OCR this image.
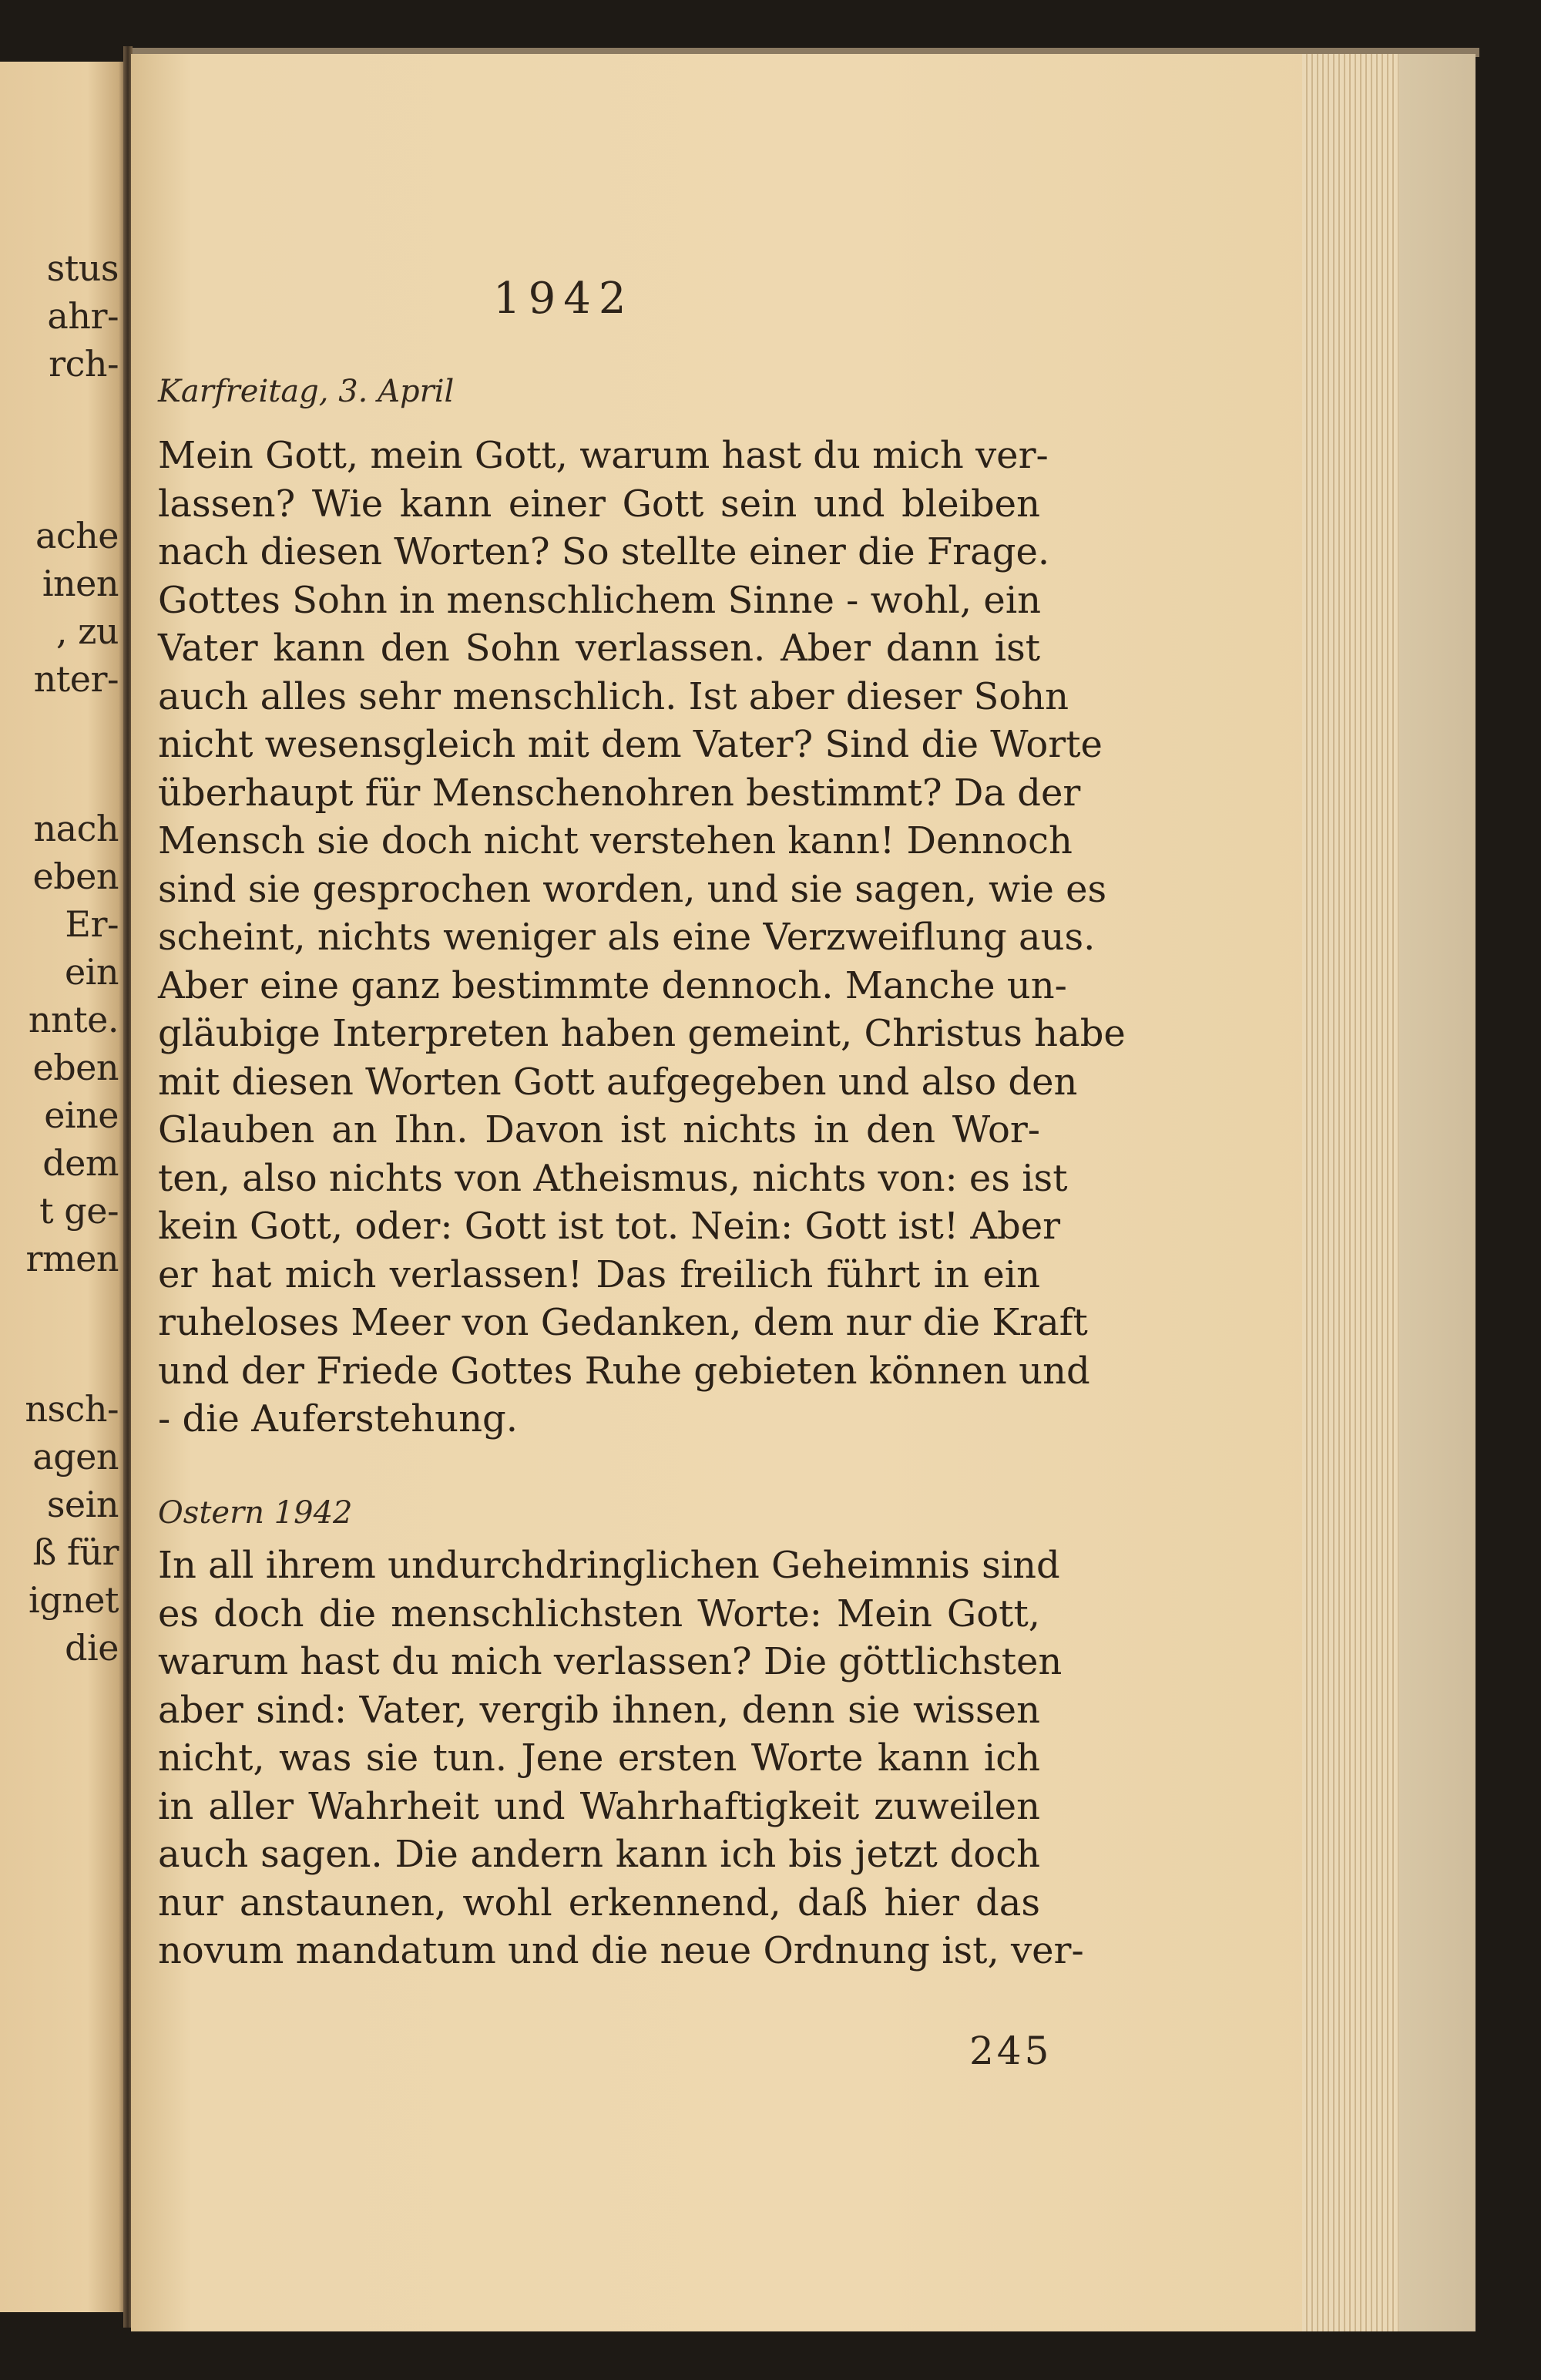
stus

ahr-

rch-

ache

inen

, zu

nter-

nach

eben

Er-

ein

nnte.

eben

eine

dem

t ge-

rmen

nsch-

agen

sein

ß für

ignet

die

1942

Karfreitag, 3. April

Mein Gott, mein Gott, warum hast du mich ver-
lassen? Wie kann einer Gott sein und bleiben
nach diesen Worten? So stellte einer die Frage.
Gottes Sohn in menschlichem Sinne - wohl, ein
Vater kann den Sohn verlassen. Aber dann ist
auch alles sehr menschlich. Ist aber dieser Sohn
nicht wesensgleich mit dem Vater? Sind die Worte
überhaupt für Menschenohren bestimmt? Da der
Mensch sie doch nicht verstehen kann! Dennoch
sind sie gesprochen worden, und sie sagen, wie es
scheint, nichts weniger als eine Verzweiflung aus.
Aber eine ganz bestimmte dennoch. Manche un-
gläubige Interpreten haben gemeint, Christus habe
mit diesen Worten Gott aufgegeben und also den
Glauben an Ihn. Davon ist nichts in den Wor-
ten, also nichts von Atheismus, nichts von: es ist
kein Gott, oder: Gott ist tot. Nein: Gott ist! Aber
er hat mich verlassen! Das freilich führt in ein
ruheloses Meer von Gedanken, dem nur die Kraft
und der Friede Gottes Ruhe gebieten können und
- die Auferstehung.

Ostern 1942

In all ihrem undurchdringlichen Geheimnis sind
es doch die menschlichsten Worte: Mein Gott,
warum hast du mich verlassen? Die göttlichsten
aber sind: Vater, vergib ihnen, denn sie wissen
nicht, was sie tun. Jene ersten Worte kann ich
in aller Wahrheit und Wahrhaftigkeit zuweilen
auch sagen. Die andern kann ich bis jetzt doch
nur anstaunen, wohl erkennend, daß hier das
novum mandatum und die neue Ordnung ist, ver-

245
